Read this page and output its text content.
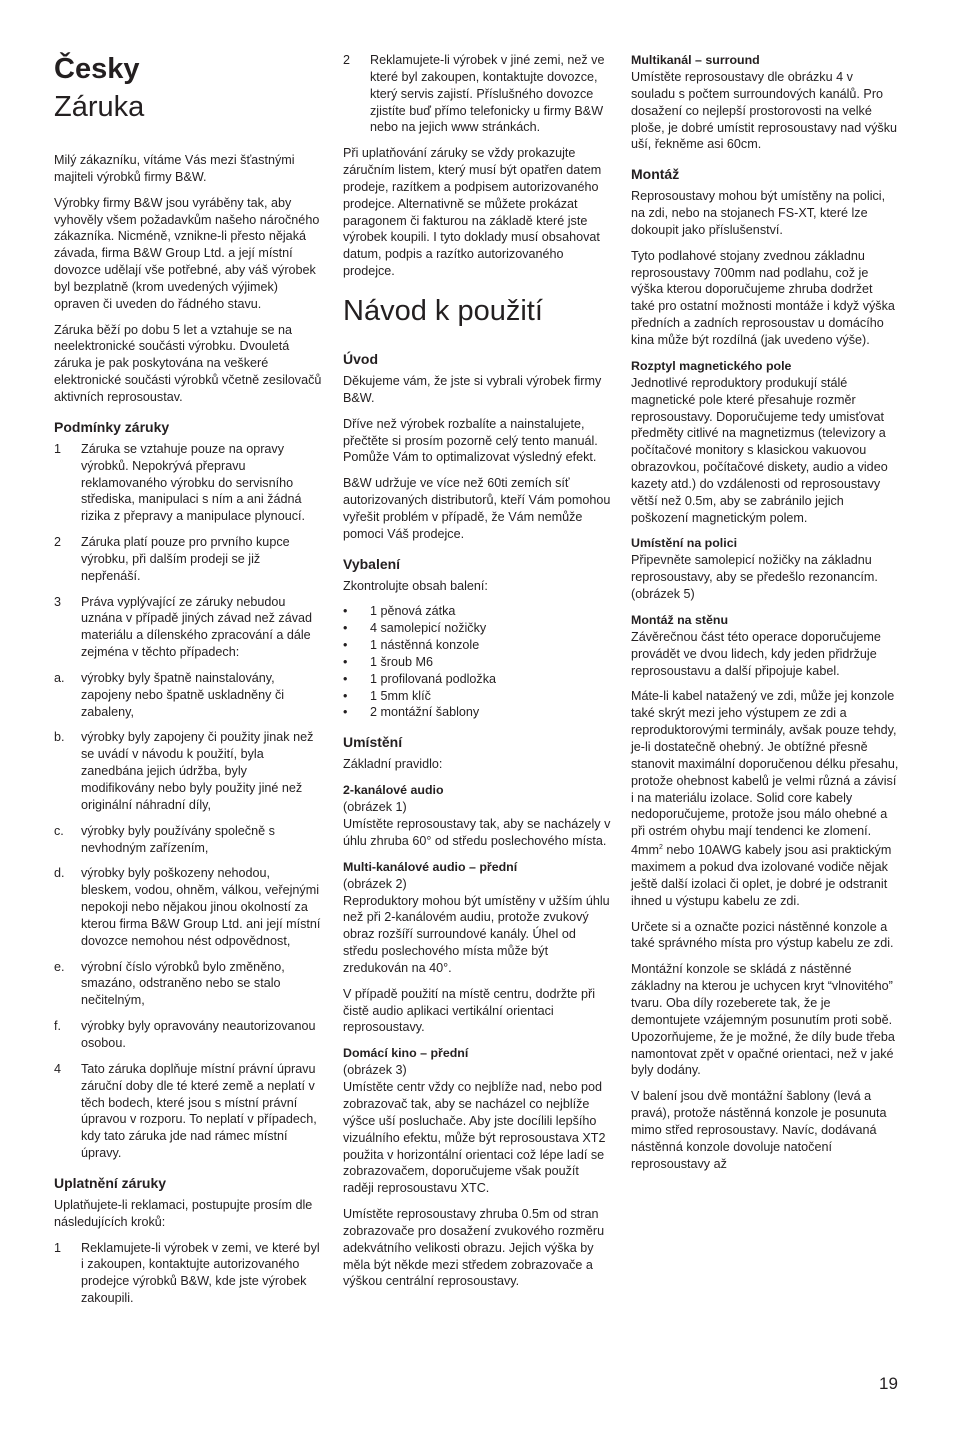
Česky
Záruka

Milý zákazníku, vítáme Vás mezi šťastnými majiteli výrobků firmy B&W.

Výrobky firmy B&W jsou vyráběny tak, aby vyhověly všem požadavkům našeho náročného zákazníka. Nicméně, vznikne-li přesto nějaká závada, firma B&W Group Ltd. a její místní dovozce udělají vše potřebné, aby váš výrobek byl bezplatně (krom uvedených výjimek) opraven či uveden do řádného stavu.

Záruka běží po dobu 5 let a vztahuje se na neelektronické součásti výrobku. Dvouletá záruka je pak poskytována na veškeré elektronické součásti výrobků včetně zesilovačů aktivních reprosoustav.

Podmínky záruky
1	Záruka se vztahuje pouze na opravy výrobků. Nepokrývá přepravu reklamovaného výrobku do servisního střediska, manipulaci s ním a ani žádná rizika z přepravy a manipulace plynoucí.
2	Záruka platí pouze pro prvního kupce výrobku, při dalším prodeji se již nepřenáší.
3	Práva vyplývající ze záruky nebudou uznána v případě jiných závad než závad materiálu a dílenského zpracování a dále zejména v těchto případech:
a.	výrobky byly špatně nainstalovány, zapojeny nebo špatně uskladněny či zabaleny,
b.	výrobky byly zapojeny či použity jinak než se uvádí v návodu k použití, byla zanedbána jejich údržba, byly modifikovány nebo byly použity jiné než originální náhradní díly,
c.	výrobky byly používány společně s nevhodným zařízením,
d.	výrobky byly poškozeny nehodou, bleskem, vodou, ohněm, válkou, veřejnými nepokoji nebo nějakou jinou okolností za kterou firma B&W Group Ltd. ani její místní dovozce nemohou nést odpovědnost,
e.	výrobní číslo výrobků bylo změněno, smazáno, odstraněno nebo se stalo nečitelným,
f.	výrobky byly opravovány neautorizovanou osobou.
4	Tato záruka doplňuje místní právní úpravu záruční doby dle té které země a neplatí v těch bodech, které jsou s místní právní úpravou v rozporu. To neplatí v případech, kdy tato záruka jde nad rámec místní úpravy.
Uplatnění záruky

Uplatňujete-li reklamaci, postupujte prosím dle následujících kroků:

1	Reklamujete-li výrobek v zemi, ve které byl i zakoupen, kontaktujte autorizovaného prodejce výrobků B&W, kde jste výrobek zakoupili.
2	Reklamujete-li výrobek v jiné zemi, než ve které byl zakoupen, kontaktujte dovozce, který servis zajistí. Příslušného dovozce zjistíte buď přímo telefonicky u firmy B&W nebo na jejich www stránkách.

Při uplatňování záruky se vždy prokazujte záručním listem, který musí být opatřen datem prodeje, razítkem a podpisem autorizovaného prodejce. Alternativně se můžete prokázat paragonem či fakturou na základě které jste výrobek koupili. I tyto doklady musí obsahovat datum, podpis a razítko autorizovaného prodejce.

Návod k použití
Úvod

Děkujeme vám, že jste si vybrali výrobek firmy B&W.

Dříve než výrobek rozbalíte a nainstalujete, přečtěte si prosím pozorně celý tento manuál. Pomůže Vám to optimalizovat výsledný efekt.

B&W udržuje ve více než 60ti zemích síť autorizovaných distributorů, kteří Vám pomohou vyřešit problém v případě, že Vám nemůže pomoci Váš prodejce.

Vybalení

Zkontrolujte obsah balení:

•	1 pěnová zátka
•	4 samolepicí nožičky
•	1 nástěnná konzole
•	1 šroub M6
•	1 profilovaná podložka
•	1 5mm klíč
•	2 montážní šablony
Umístění

Základní pravidlo:

2-kanálové audio

(obrázek 1)
Umístěte reprosoustavy tak, aby se nacházely v úhlu zhruba 60° od středu poslechového místa.

Multi-kanálové audio – přední

(obrázek 2)
Reproduktory mohou být umístěny v užším úhlu než při 2-kanálovém audiu, protože zvukový obraz rozšíří surroundové kanály. Úhel od středu poslechového místa může být zredukován na 40°.

V případě použití na místě centru, dodržte při čistě audio aplikaci vertikální orientaci reprosoustavy.

Domácí kino – přední

(obrázek 3)
Umístěte centr vždy co nejblíže nad, nebo pod zobrazovač tak, aby se nacházel co nejblíže výšce uší posluchače. Aby jste docílili lepšího vizuálního efektu, může být reprosoustava XT2 použita v horizontální orientaci což lépe ladí se zobrazovačem, doporučujeme však použít raději reprosoustavu XTC.

Umístěte reprosoustavy zhruba 0.5m od stran zobrazovače pro dosažení zvukového rozměru adekvátního velikosti obrazu. Jejich výška by měla být někde mezi středem zobrazovače a výškou centrální reprosoustavy.

Multikanál – surround

Umístěte reprosoustavy dle obrázku 4 v souladu s počtem surroundových kanálů. Pro dosažení co nejlepší prostorovosti na velké ploše, je dobré umístit reprosoustavy nad výšku uší, řekněme asi 60cm.

Montáž

Reprosoustavy mohou být umístěny na polici, na zdi, nebo na stojanech FS-XT, které lze dokoupit jako příslušenství.

Tyto podlahové stojany zvednou základnu reprosoustavy 700mm nad podlahu, což je výška kterou doporučujeme zhruba dodržet také pro ostatní možnosti montáže i když výška předních a zadních reprosoustav u domácího kina může být rozdílná (jak uvedeno výše).

Rozptyl magnetického pole

Jednotlivé reproduktory produkují stálé magnetické pole které přesahuje rozměr reprosoustavy. Doporučujeme tedy umisťovat předměty citlivé na magnetizmus (televizory a počítačové monitory s klasickou vakuovou obrazovkou, počítačové diskety, audio a video kazety atd.) do vzdálenosti od reprosoustavy větší než 0.5m, aby se zabránilo jejich poškození magnetickým polem.

Umístění na polici

Připevněte samolepicí nožičky na základnu reprosoustavy, aby se předešlo rezonancím. (obrázek 5)

Montáž na stěnu

Závěrečnou část této operace doporučujeme provádět ve dvou lidech, kdy jeden přidržuje reprosoustavu a další připojuje kabel.

Máte-li kabel natažený ve zdi, může jej konzole také skrýt mezi jeho výstupem ze zdi a reproduktorovými terminály, avšak pouze tehdy, je-li dostatečně ohebný. Je obtížné přesně stanovit maximální doporučenou délku přesahu, protože ohebnost kabelů je velmi různá a závisí i na materiálu izolace. Solid core kabely nedoporučujeme, protože jsou málo ohebné a při ostrém ohybu mají tendenci ke zlomení. $4mm^2$ nebo 10AWG kabely jsou asi praktickým maximem a pokud dva izolované vodiče nějak ještě další izolaci či oplet, je dobré je odstranit ihned u výstupu kabelu ze zdi.

Určete si a označte pozici nástěnné konzole a také správného místa pro výstup kabelu ze zdi.

Montážní konzole se skládá z nástěnné základny na kterou je uchycen kryt “vlnovitého” tvaru. Oba díly rozeberete tak, že je demontujete vzájemným posunutím proti sobě. Upozorňujeme, že je možné, že díly bude třeba namontovat zpět v opačné orientaci, než v jaké byly dodány.

V balení jsou dvě montážní šablony (levá a pravá), protože nástěnná konzole je posunuta mimo střed reprosoustavy. Navíc, dodávaná nástěnná konzole dovoluje natočení reprosoustavy až

19
